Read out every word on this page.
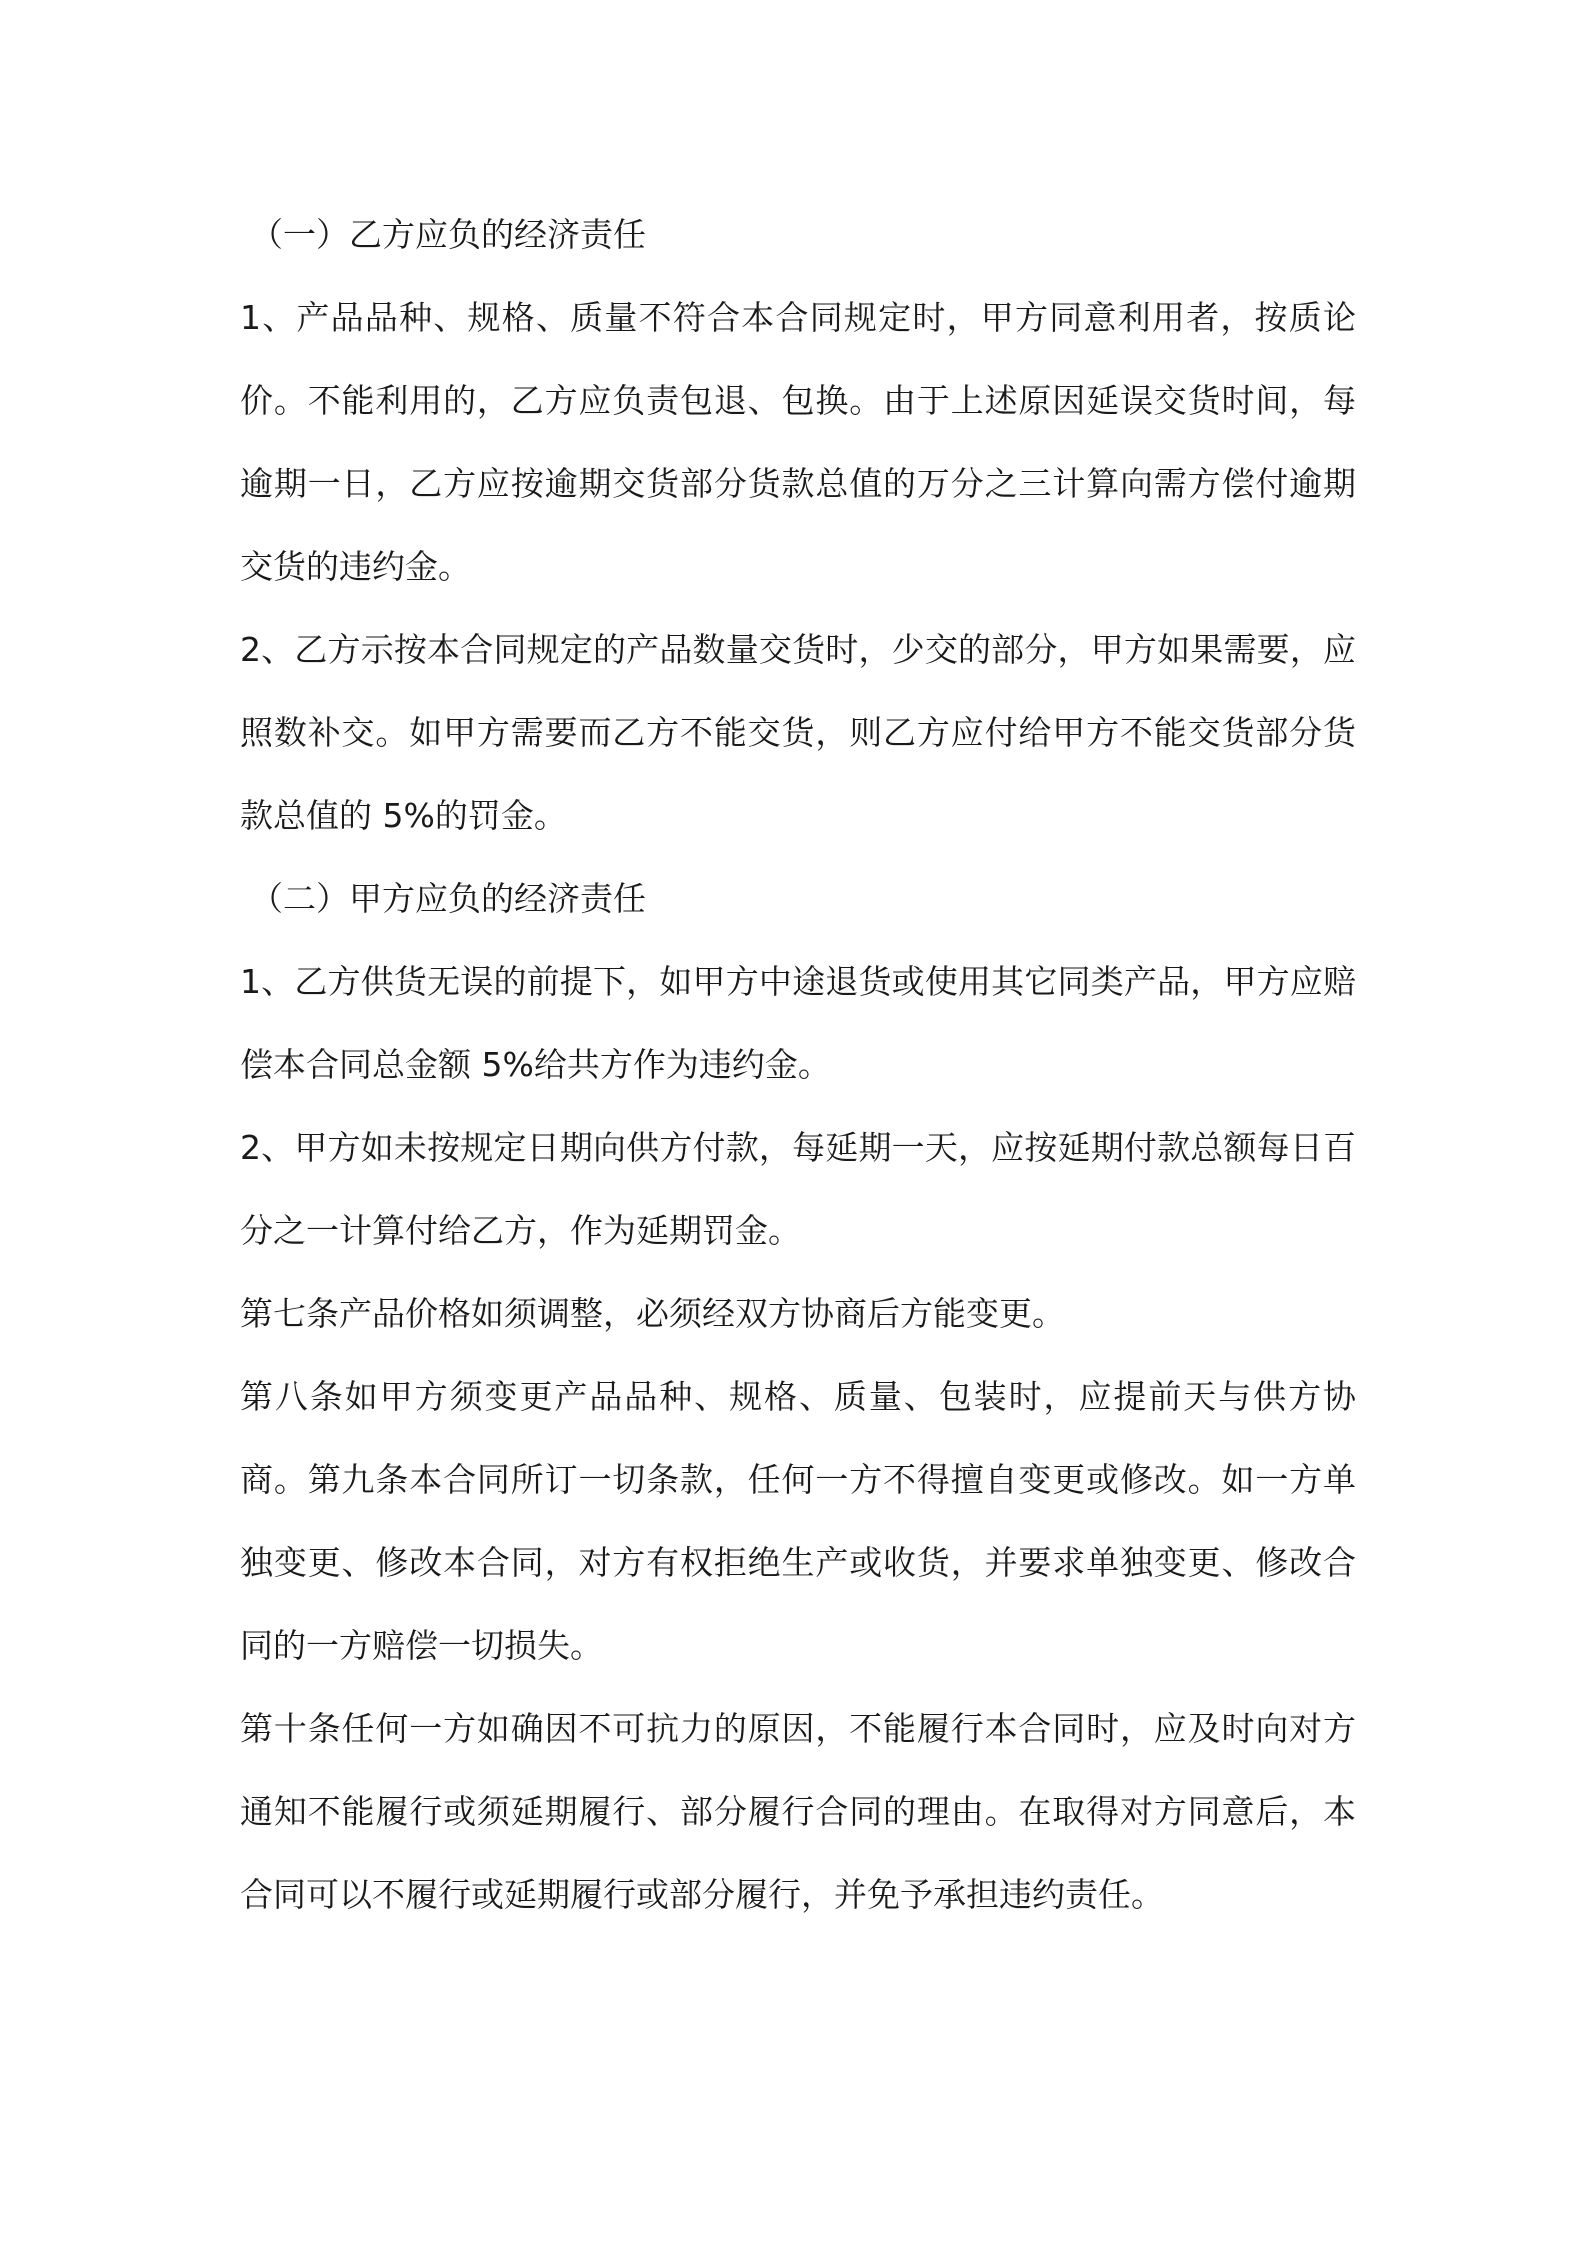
（一）乙方应负的经济责任

1、产品品种、规格、质量不符合本合同规定时，甲方同意利用者，按质论价。不能利用的，乙方应负责包退、包换。由于上述原因延误交货时间，每逾期一日，乙方应按逾期交货部分货款总值的万分之三计算向需方偿付逾期交货的违约金。

2、乙方示按本合同规定的产品数量交货时，少交的部分，甲方如果需要，应照数补交。如甲方需要而乙方不能交货，则乙方应付给甲方不能交货部分货款总值的 5%的罚金。

（二）甲方应负的经济责任

1、乙方供货无误的前提下，如甲方中途退货或使用其它同类产品，甲方应赔偿本合同总金额 5%给共方作为违约金。

2、甲方如未按规定日期向供方付款，每延期一天，应按延期付款总额每日百分之一计算付给乙方，作为延期罚金。

第七条产品价格如须调整，必须经双方协商后方能变更。

第八条如甲方须变更产品品种、规格、质量、包装时，应提前天与供方协商。第九条本合同所订一切条款，任何一方不得擅自变更或修改。如一方单独变更、修改本合同，对方有权拒绝生产或收货，并要求单独变更、修改合同的一方赔偿一切损失。

第十条任何一方如确因不可抗力的原因，不能履行本合同时，应及时向对方通知不能履行或须延期履行、部分履行合同的理由。在取得对方同意后，本合同可以不履行或延期履行或部分履行，并免予承担违约责任。
